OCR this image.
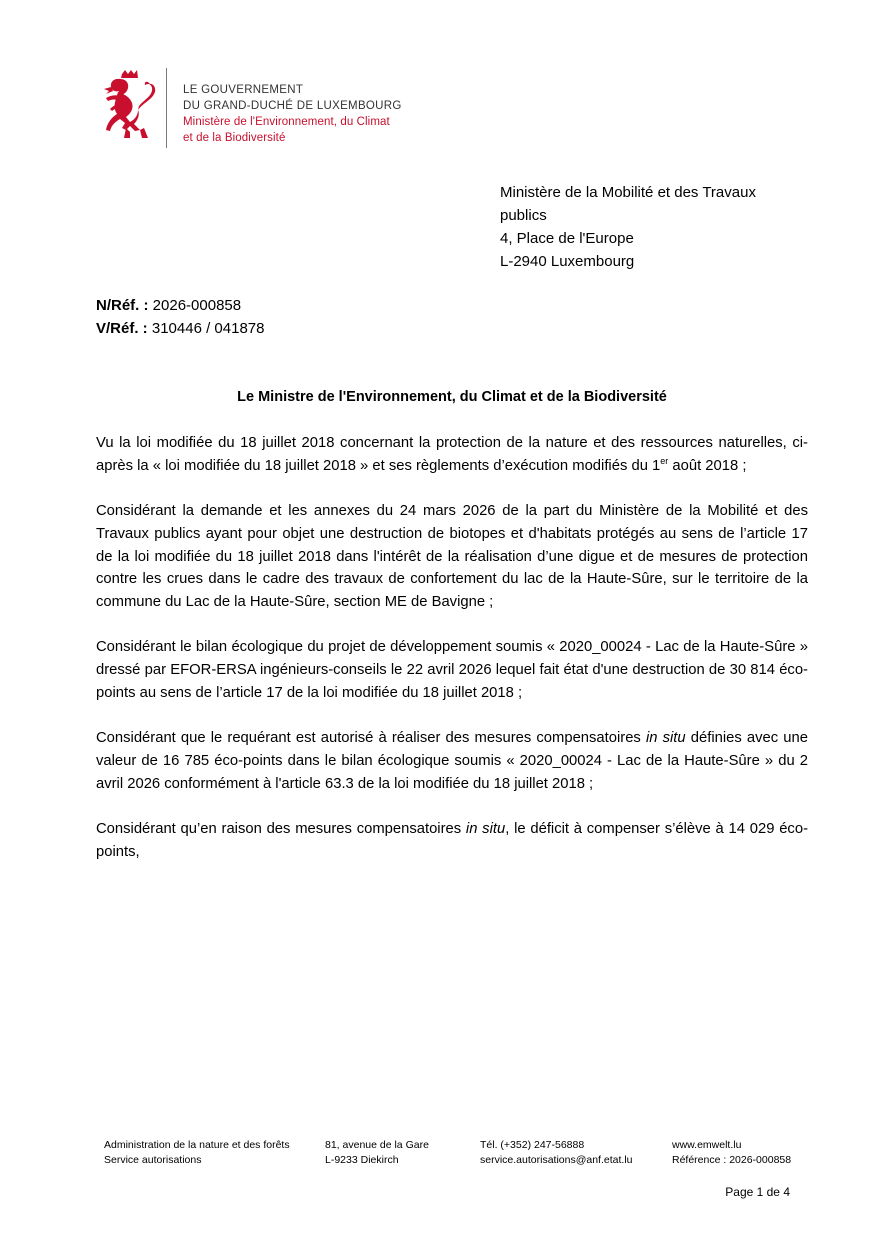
LE GOUVERNEMENT
DU GRAND-DUCHÉ DE LUXEMBOURG
Ministère de l'Environnement, du Climat
et de la Biodiversité
Ministère de la Mobilité et des Travaux
publics
4, Place de l'Europe
L-2940 Luxembourg
N/Réf. : 2026-000858
V/Réf. : 310446 / 041878
Le Ministre de l'Environnement, du Climat et de la Biodiversité

Vu la loi modifiée du 18 juillet 2018 concernant la protection de la nature et des ressources naturelles, ci-après la « loi modifiée du 18 juillet 2018 » et ses règlements d’exécution modifiés du 1er août 2018 ;

Considérant la demande et les annexes du 24 mars 2026 de la part du Ministère de la Mobilité et des Travaux publics ayant pour objet une destruction de biotopes et d'habitats protégés au sens de l’article 17 de la loi modifiée du 18 juillet 2018 dans l'intérêt de la réalisation d’une digue et de mesures de protection contre les crues dans le cadre des travaux de confortement du lac de la Haute-Sûre, sur le territoire de la commune du Lac de la Haute-Sûre, section ME de Bavigne ;

Considérant le bilan écologique du projet de développement soumis « 2020_00024 - Lac de la Haute-Sûre » dressé par EFOR-ERSA ingénieurs-conseils le 22 avril 2026 lequel fait état d'une destruction de 30 814 éco-points au sens de l’article 17 de la loi modifiée du 18 juillet 2018 ;

Considérant que le requérant est autorisé à réaliser des mesures compensatoires in situ définies avec une valeur de 16 785 éco-points dans le bilan écologique soumis « 2020_00024 - Lac de la Haute-Sûre » du 2 avril 2026 conformément à l'article 63.3 de la loi modifiée du 18 juillet 2018 ;

Considérant qu’en raison des mesures compensatoires in situ, le déficit à compenser s’élève à 14 029 éco-points,

Administration de la nature et des forêts
Service autorisations
81, avenue de la Gare
L-9233 Diekirch
Tél. (+352) 247-56888
service.autorisations@anf.etat.lu
www.emwelt.lu
Référence : 2026-000858
Page 1 de 4
